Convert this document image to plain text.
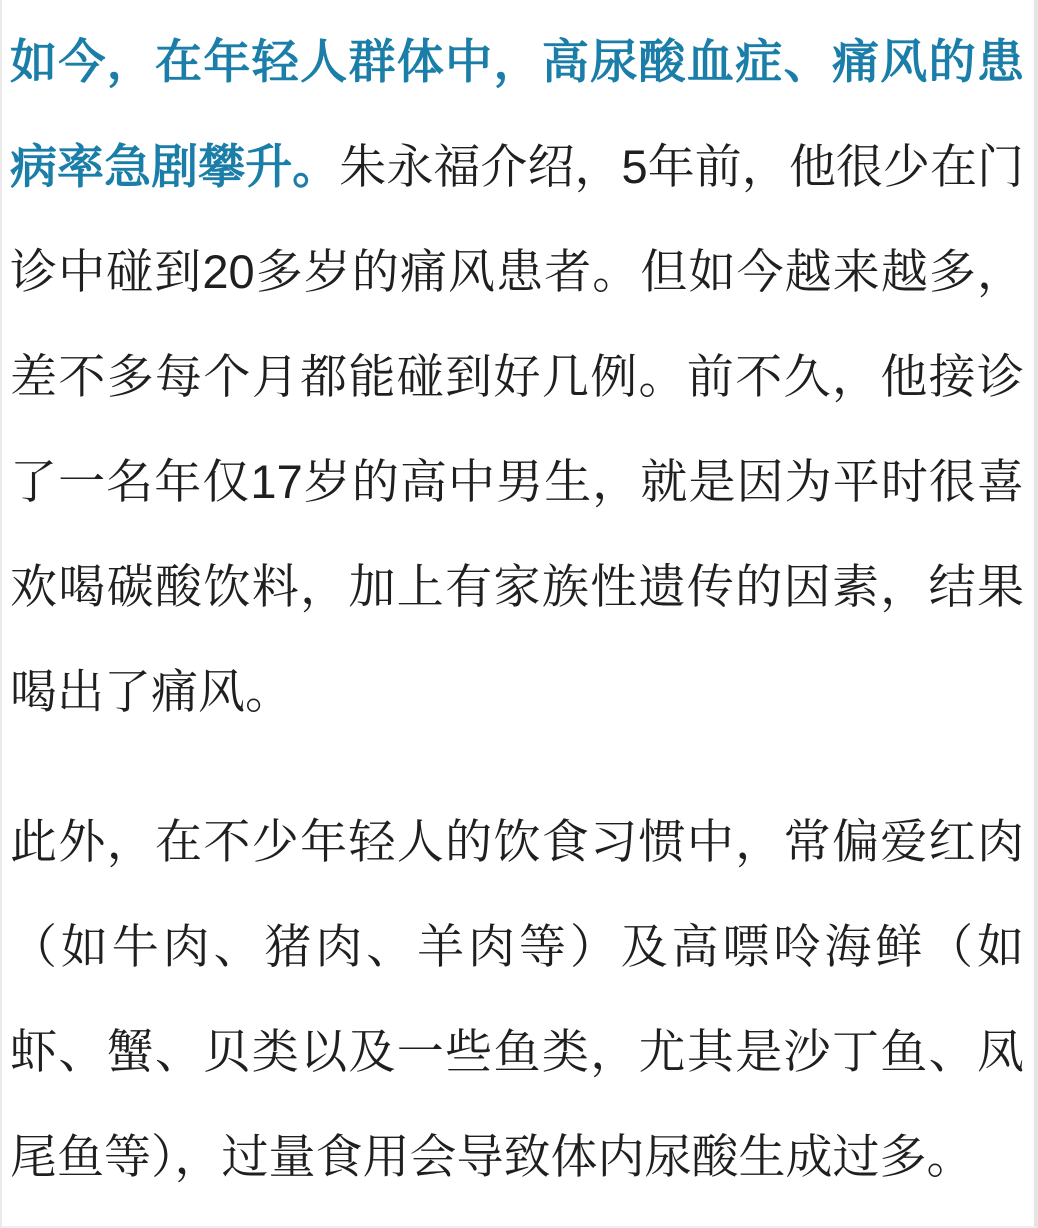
如今，在年轻人群体中，高尿酸血症、痛风的患
病率急剧攀升。朱永福介绍，5年前，他很少在门
诊中碰到20多岁的痛风患者。但如今越来越多，
差不多每个月都能碰到好几例。前不久，他接诊
了一名年仅17岁的高中男生，就是因为平时很喜
欢喝碳酸饮料，加上有家族性遗传的因素，结果
喝出了痛风。
此外，在不少年轻人的饮食习惯中，常偏爱红肉
（如牛肉、猪肉、羊肉等）及高嘌呤海鲜（如
虾、蟹、贝类以及一些鱼类，尤其是沙丁鱼、凤
尾鱼等），过量食用会导致体内尿酸生成过多。
